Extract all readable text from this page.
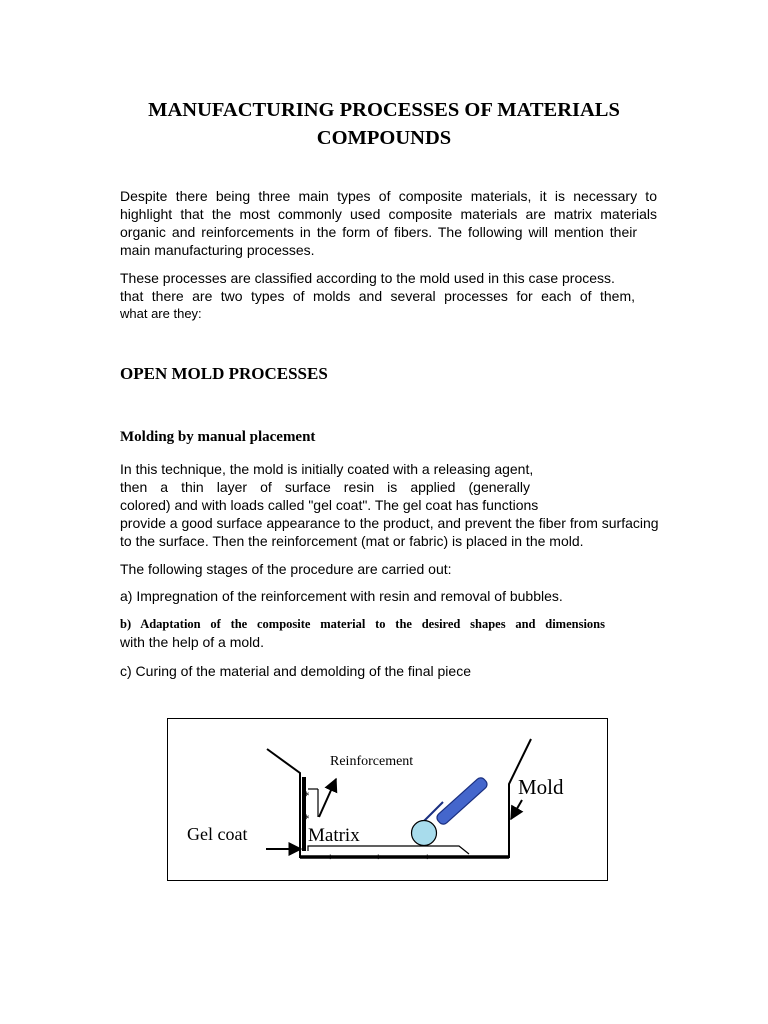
MANUFACTURING PROCESSES OF MATERIALS
COMPOUNDS

Despite there being three main types of composite materials, it is necessary to
highlight that the most commonly used composite materials are matrix materials
organic and reinforcements in the form of fibers. The following will mention their
main manufacturing processes.

These processes are classified according to the mold used in this case process.
that there are two types of molds and several processes for each of them,
what are they:

OPEN MOLD PROCESSES
Molding by manual placement

In this technique, the mold is initially coated with a releasing agent,
then a thin layer of surface resin is applied (generally
colored) and with loads called "gel coat". The gel coat has functions
provide a good surface appearance to the product, and prevent the fiber from surfacing
to the surface. Then the reinforcement (mat or fabric) is placed in the mold.

The following stages of the procedure are carried out:

a) Impregnation of the reinforcement with resin and removal of bubbles.

b) Adaptation of the composite material to the desired shapes and dimensions
with the help of a mold.

c) Curing of the material and demolding of the final piece

*
*
*	*	*
Reinforcement
Mold
Gel coat	Matrix
